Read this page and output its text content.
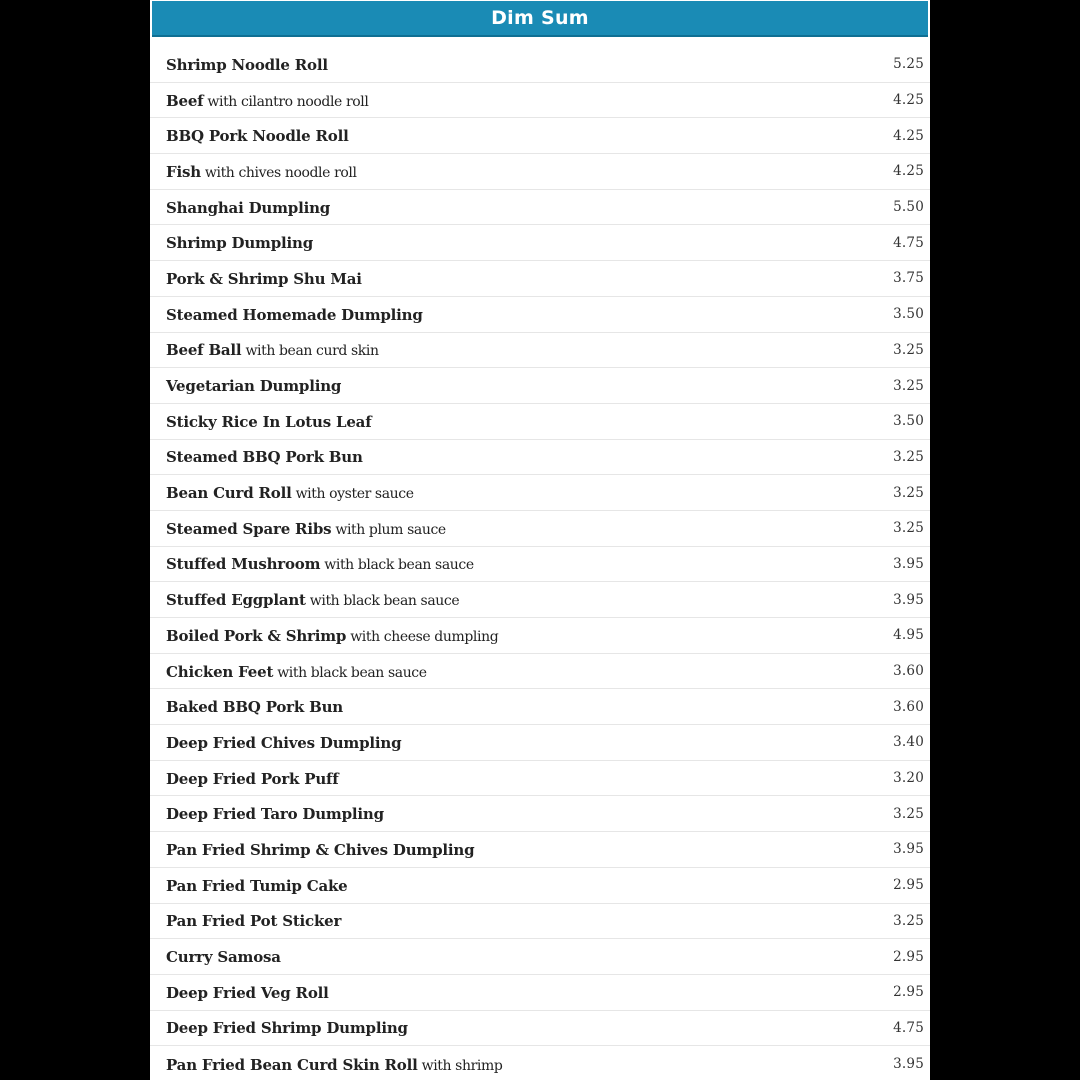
Dim Sum
Shrimp Noodle Roll	5.25
Beef with cilantro noodle roll	4.25
BBQ Pork Noodle Roll	4.25
Fish with chives noodle roll	4.25
Shanghai Dumpling	5.50
Shrimp Dumpling	4.75
Pork & Shrimp Shu Mai	3.75
Steamed Homemade Dumpling	3.50
Beef Ball with bean curd skin	3.25
Vegetarian Dumpling	3.25
Sticky Rice In Lotus Leaf	3.50
Steamed BBQ Pork Bun	3.25
Bean Curd Roll with oyster sauce	3.25
Steamed Spare Ribs with plum sauce	3.25
Stuffed Mushroom with black bean sauce	3.95
Stuffed Eggplant with black bean sauce	3.95
Boiled Pork & Shrimp with cheese dumpling	4.95
Chicken Feet with black bean sauce	3.60
Baked BBQ Pork Bun	3.60
Deep Fried Chives Dumpling	3.40
Deep Fried Pork Puff	3.20
Deep Fried Taro Dumpling	3.25
Pan Fried Shrimp & Chives Dumpling	3.95
Pan Fried Tumip Cake	2.95
Pan Fried Pot Sticker	3.25
Curry Samosa	2.95
Deep Fried Veg Roll	2.95
Deep Fried Shrimp Dumpling	4.75
Pan Fried Bean Curd Skin Roll with shrimp	3.95
